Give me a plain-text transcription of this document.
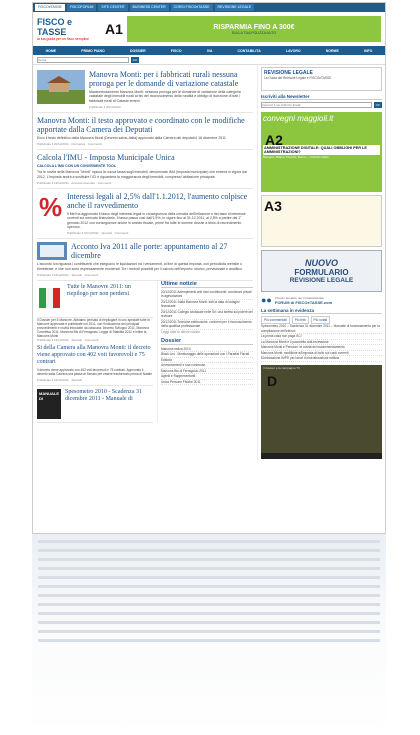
FISCOeTASSE	FISCOFORUM	SITE CENTER	BUSINESS CENTER	CORSI FISCOeTASSE	REVISIONE LEGALE
FISCO e TASSE
la tua guida per un fisco semplice
A1	RISPARMIA FINO A 300€
SULLA TUA POLIZZA AUTO
HOME	PRIMO PIANO	DOSSIER	FISCO	IVA	CONTABILITA	LAVORO	NORME	INFO
Cerca
GO
Manovra Monti: per i fabbricati rurali nessuna proroga per le domande di variazione catastale

Maxiemendamento Manovra Monti: nessuna proroga per le domande di variazione della categoria catastale degli immobili rurali ai fini del riconoscimento della ruralità e obbligo di iscrizione di tutti i fabbricati rurali al Catasto terreni.

Pubblicato il 20/12/2011
Manovra Monti: il testo approvato e coordinato con le modifiche apportate dalla Camera dei Deputati

Ecco il testo definitivo della Manovra Monti (Decreto salva–Italia) approvato dalla Camera dei deputati il 16 dicembre 2011

Pubblicato il 20/12/2011 · Normativa · Commenti
Calcola l'IMU - Imposta Municipale Unica

CALCOLA L'IMU CON UN CONVENIENTE TOOL

Tra le novità della Manovra "Monti" spicca la nuova tassa sugli immobili, denominata IMU (imposta municipale) che entrerà in vigore dal 2012. L'imposta andrà a sostituire l'ICI e riguarderà la maggioranza degli immobili, compresa l'abitazione principale.

Pubblicato il 19/12/2011 · Accesso riservato · Commenti
% Interessi legali al 2,5% dall'1.1.2012, l'aumento colpisce anche il ravvedimento

Il Mef ha aggiornato il tasso degli interessi legali in conseguenza della crescita dell'inflazione e dei tassi di interesse correnti sul mercato finanziario. Il tasso passa così dall'1,5%, in vigore fino al 31.12.2011, al 2,5% a partire dal 1° gennaio 2012 con conseguenze anche in ambito fiscale, prime fra tutte le somme dovute a titolo di ravvedimento operoso.

Pubblicato il 16/12/2011 · Speciali · Commenti
Acconto Iva 2011 alle porte: appuntamento al 27 dicembre

L'acconto Iva riguarda i contribuenti che eseguono le liquidazioni ed i versamenti, al fine di questa imposta, con periodicità mensile o trimestrale, e che non sono espressamente esonerati. Tre i metodi possibili per il calcolo dell'importo: storico, previsionale e analitico.

Pubblicato il 16/12/2011 · Speciali · Commenti
Tutte le Manovre 2011: un riepilogo per non perdersi

Il Dossier per 5 Manovre. Abbiamo pensato di riepilogare in uno speciale tutte le Manovre approvate e pubblicate nel 2011, con l'indicazione dei principali provvedimenti e novità introdotte da ciascuna: Decreto Sviluppo 2011, Manovra Correttiva 2011, Manovra Bis di Ferragosto, Legge di Stabilità 2012 e infine la Manovra Monti

Pubblicato il 16/12/2011 · Speciali · Commenti
Si della Camera alla Manovra Monti: il decreto viene approvato con 402 voti favorevoli e 75 contrari

Il decreto viene approvato con 402 voti favorevoli e 75 contrari. Approvato il decreto dalla Camera ora passa al Senato per essere trasformato prima di Natale

Pubblicato il 16/12/2011 · Speciali
MANUALE DI
Spesometro 2010 - Scadenza 31 dicembre 2011 - Manuale di
Ultime notizie
20/12/2011 Adempimenti anti mini contribuenti: condizioni privati in agevolazioni
20/12/2011 Dalla Manovra Monti: tutti la data di indagini finanziarie
20/12/2011 Collegio sindacale nelle Srl: una stretta sul potere del revisore
20/12/2011 Tecniche elettroniche, conformi per il riconoscimento della qualifica professionale
Leggi tutte le ultime notizie
Dossier
Manovra estiva 2010
Black List - Monitoraggio delle operazioni con i Paradisi Fiscali
Editoria
Ammortamenti e sua contenuto
Manovra Bis di Ferragosto 2011
Agenti e Rappresentanti
Unico Persone Fisiche 2011
REVISIONE LEGALE
La Guida del Revisore Legale è FISCOeTASSE
Iscriviti alla Newsletter
Inserisci il tuo indirizzo Email
OK
convegni maggioli.it
A2
AMMINISTRAZIONE DIGITALE: QUALI OBBLIGHI PER LE AMMINISTRAZIONI?
Bologna, Milano, Firenze, Roma — Iscriviti subito
A3
NUOVO
FORMULARIO
REVISIONE LEGALE
●● Il forum tematico per il professionista
FORUM di FISCOeTASSE.com
La settimana in evidenza
Più commentati	Più letti	Più votati
Spesometro 2010 – Scadenza 31 dicembre 2011 – Manuale di funzionamento per la compilazione dell'elenco
La prima casa non paga l'ICI
La Manovra Monti e il pacchetto anti-recessione
Manovra Monti e Pensioni: le novità del maxiemendamento
Manovra Monti: modifiche all'imposta di bollo sui conti correnti
Dichiarazione IMPD per lavori di ristrutturazione edilizia
Il dossier e la campagna TV
D
